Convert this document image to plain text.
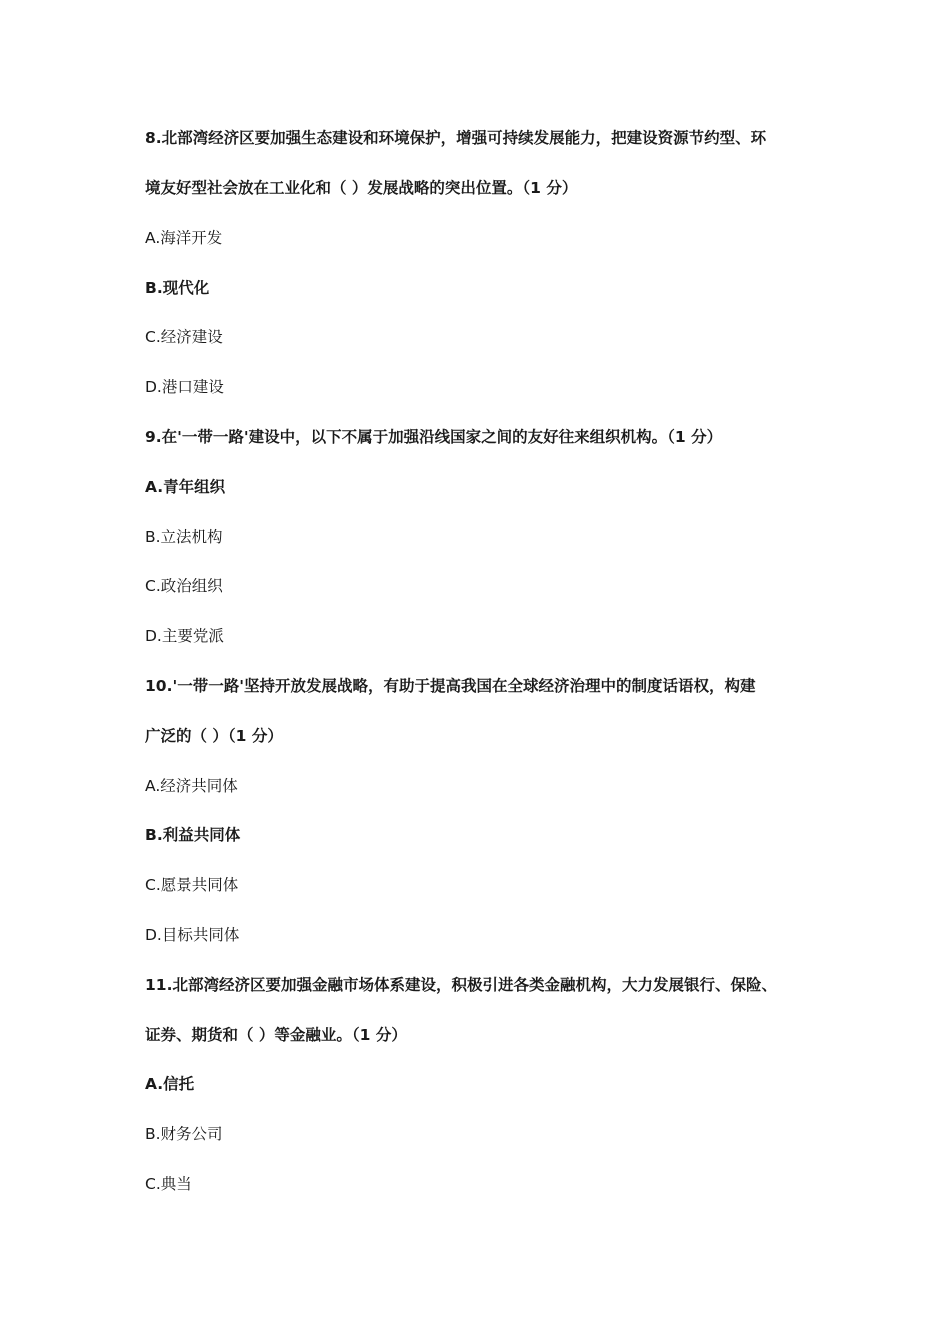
8.北部湾经济区要加强生态建设和环境保护，增强可持续发展能力，把建设资源节约型、环
境友好型社会放在工业化和（ ）发展战略的突出位置。（1 分）
A.海洋开发
B.现代化
C.经济建设
D.港口建设
9.在'一带一路'建设中，以下不属于加强沿线国家之间的友好往来组织机构。（1 分）
A.青年组织
B.立法机构
C.政治组织
D.主要党派
10.'一带一路'坚持开放发展战略，有助于提高我国在全球经济治理中的制度话语权，构建
广泛的（ ）（1 分）
A.经济共同体
B.利益共同体
C.愿景共同体
D.目标共同体
11.北部湾经济区要加强金融市场体系建设，积极引进各类金融机构，大力发展银行、保险、
证券、期货和（ ）等金融业。（1 分）
A.信托
B.财务公司
C.典当
